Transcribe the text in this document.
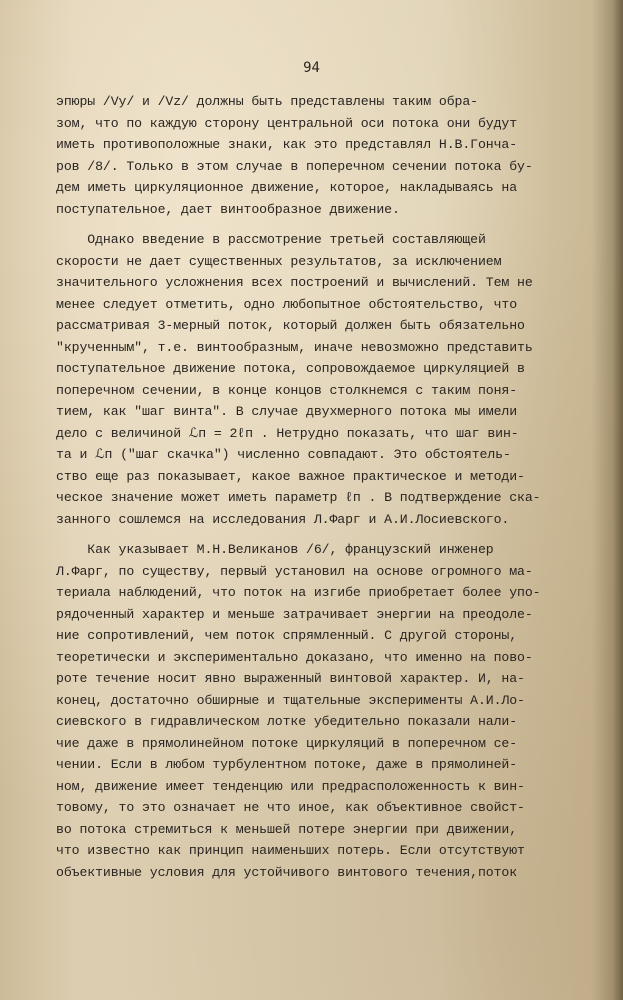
94
эпюры /Vy/ и /Vz/ должны быть представлены таким обра-
зом, что по каждую сторону центральной оси потока они будут
иметь противоположные знаки, как это представлял Н.В.Гонча-
ров /8/. Только в этом случае в поперечном сечении потока бу-
дем иметь циркуляционное движение, которое, накладываясь на
поступательное, дает винтообразное движение.
Однако введение в рассмотрение третьей составляющей
скорости не дает существенных результатов, за исключением
значительного усложнения всех построений и вычислений. Тем не
менее следует отметить, одно любопытное обстоятельство, что
рассматривая 3-мерный поток, который должен быть обязательно
"крученным", т.е. винтообразным, иначе невозможно представить
поступательное движение потока, сопровождаемое циркуляцией в
поперечном сечении, в конце концов столкнемся с таким поня-
тием, как "шаг винта". В случае двухмерного потока мы имели
дело с величиной ℒп = 2ℓп . Нетрудно показать, что шаг вин-
та и ℒп ("шаг скачка") численно совпадают. Это обстоятель-
ство еще раз показывает, какое важное практическое и методи-
ческое значение может иметь параметр ℓп . В подтверждение ска-
занного сошлемся на исследования Л.Фарг и А.И.Лосиевского.
Как указывает М.Н.Великанов /6/, французский инженер
Л.Фарг, по существу, первый установил на основе огромного ма-
териала наблюдений, что поток на изгибе приобретает более упо-
рядоченный характер и меньше затрачивает энергии на преодоле-
ние сопротивлений, чем поток спрямленный. С другой стороны,
теоретически и экспериментально доказано, что именно на пово-
роте течение носит явно выраженный винтовой характер. И, на-
конец, достаточно обширные и тщательные эксперименты А.И.Ло-
сиевского в гидравлическом лотке убедительно показали нали-
чие даже в прямолинейном потоке циркуляций в поперечном се-
чении. Если в любом турбулентном потоке, даже в прямолиней-
ном, движение имеет тенденцию или предрасположенность к вин-
товому, то это означает не что иное, как объективное свойст-
во потока стремиться к меньшей потере энергии при движении,
что известно как принцип наименьших потерь. Если отсутствуют
объективные условия для устойчивого винтового течения,поток
